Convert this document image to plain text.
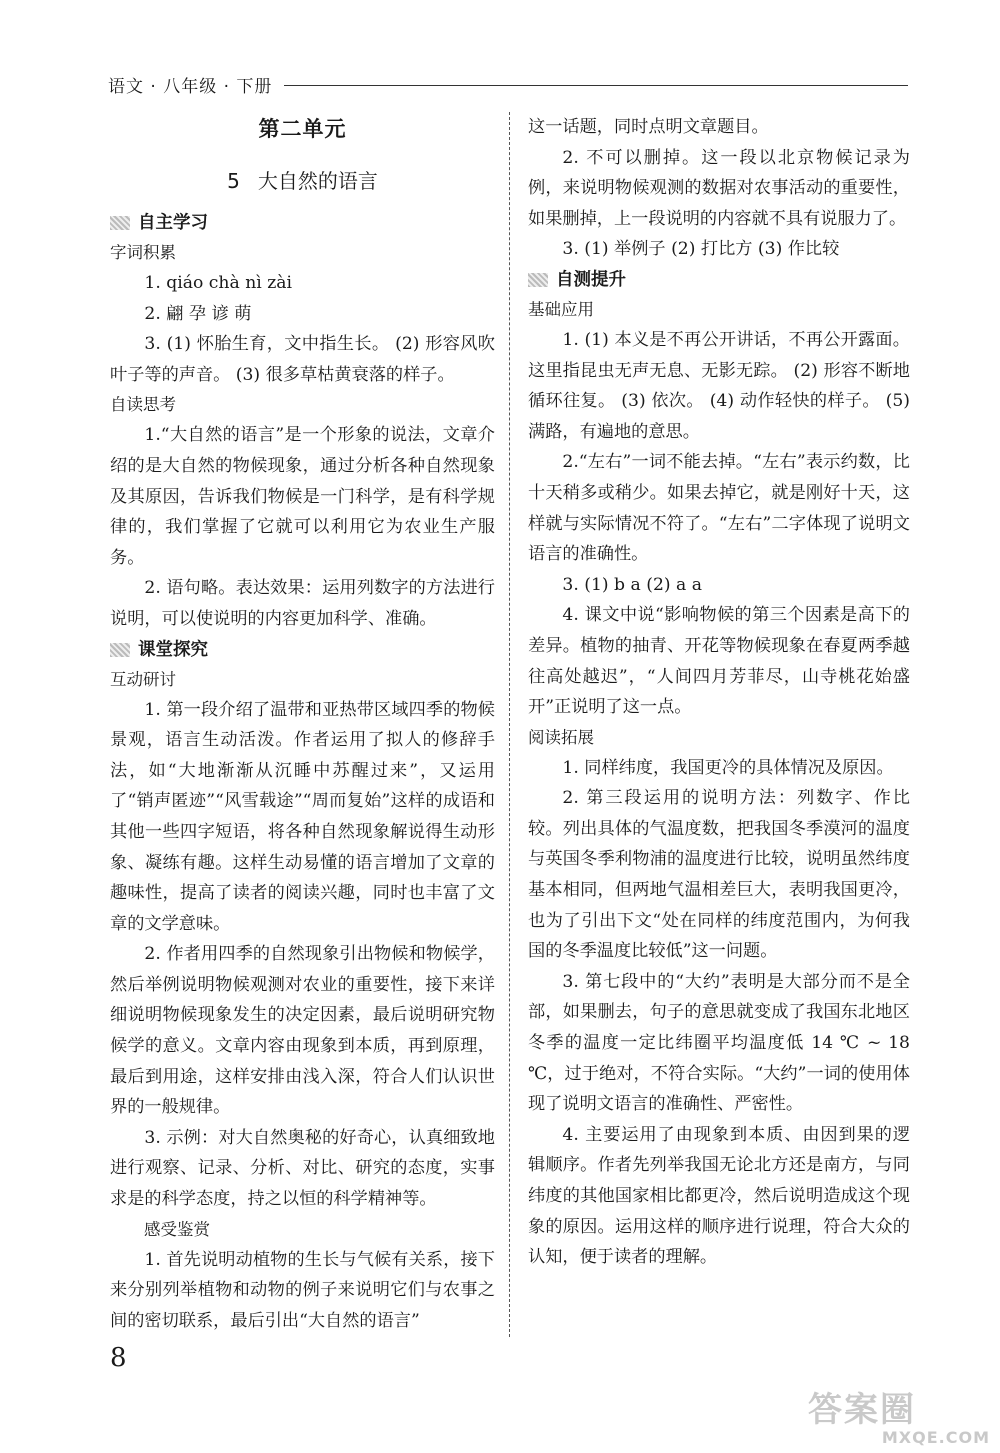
语文 · 八年级 · 下册
第二单元
5 大自然的语言
自主学习
字词积累

1. qiáo chà nì zài

2. 翩 孕 谚 萌

3. (1) 怀胎生育，文中指生长。 (2) 形容风吹叶子等的声音。 (3) 很多草枯黄衰落的样子。

自读思考

1.“大自然的语言”是一个形象的说法，文章介绍的是大自然的物候现象，通过分析各种自然现象及其原因，告诉我们物候是一门科学，是有科学规律的，我们掌握了它就可以利用它为农业生产服务。

2. 语句略。表达效果：运用列数字的方法进行说明，可以使说明的内容更加科学、准确。

课堂探究
互动研讨

1. 第一段介绍了温带和亚热带区域四季的物候景观，语言生动活泼。作者运用了拟人的修辞手法，如“大地渐渐从沉睡中苏醒过来”，又运用了“销声匿迹”“风雪载途”“周而复始”这样的成语和其他一些四字短语，将各种自然现象解说得生动形象、凝练有趣。这样生动易懂的语言增加了文章的趣味性，提高了读者的阅读兴趣，同时也丰富了文章的文学意味。

2. 作者用四季的自然现象引出物候和物候学，然后举例说明物候观测对农业的重要性，接下来详细说明物候现象发生的决定因素，最后说明研究物候学的意义。文章内容由现象到本质，再到原理，最后到用途，这样安排由浅入深，符合人们认识世界的一般规律。

3. 示例：对大自然奥秘的好奇心，认真细致地进行观察、记录、分析、对比、研究的态度，实事求是的科学态度，持之以恒的科学精神等。

感受鉴赏

1. 首先说明动植物的生长与气候有关系，接下来分别列举植物和动物的例子来说明它们与农事之间的密切联系，最后引出“大自然的语言”

这一话题，同时点明文章题目。

2. 不可以删掉。这一段以北京物候记录为例，来说明物候观测的数据对农事活动的重要性，如果删掉，上一段说明的内容就不具有说服力了。

3. (1) 举例子 (2) 打比方 (3) 作比较

自测提升
基础应用

1. (1) 本义是不再公开讲话，不再公开露面。这里指昆虫无声无息、无影无踪。 (2) 形容不断地循环往复。 (3) 依次。 (4) 动作轻快的样子。 (5) 满路，有遍地的意思。

2.“左右”一词不能去掉。“左右”表示约数，比十天稍多或稍少。如果去掉它，就是刚好十天，这样就与实际情况不符了。“左右”二字体现了说明文语言的准确性。

3. (1) b a (2) a a

4. 课文中说“影响物候的第三个因素是高下的差异。植物的抽青、开花等物候现象在春夏两季越往高处越迟”，“人间四月芳菲尽，山寺桃花始盛开”正说明了这一点。

阅读拓展

1. 同样纬度，我国更冷的具体情况及原因。

2. 第三段运用的说明方法：列数字、作比较。列出具体的气温度数，把我国冬季漠河的温度与英国冬季利物浦的温度进行比较，说明虽然纬度基本相同，但两地气温相差巨大，表明我国更冷，也为了引出下文“处在同样的纬度范围内，为何我国的冬季温度比较低”这一问题。

3. 第七段中的“大约”表明是大部分而不是全部，如果删去，句子的意思就变成了我国东北地区冬季的温度一定比纬圈平均温度低 14 ℃ ~ 18 ℃，过于绝对，不符合实际。“大约”一词的使用体现了说明文语言的准确性、严密性。

4. 主要运用了由现象到本质、由因到果的逻辑顺序。作者先列举我国无论北方还是南方，与同纬度的其他国家相比都更冷，然后说明造成这个现象的原因。运用这样的顺序进行说理，符合大众的认知，便于读者的理解。

8
答案圈
MXQE.COM
